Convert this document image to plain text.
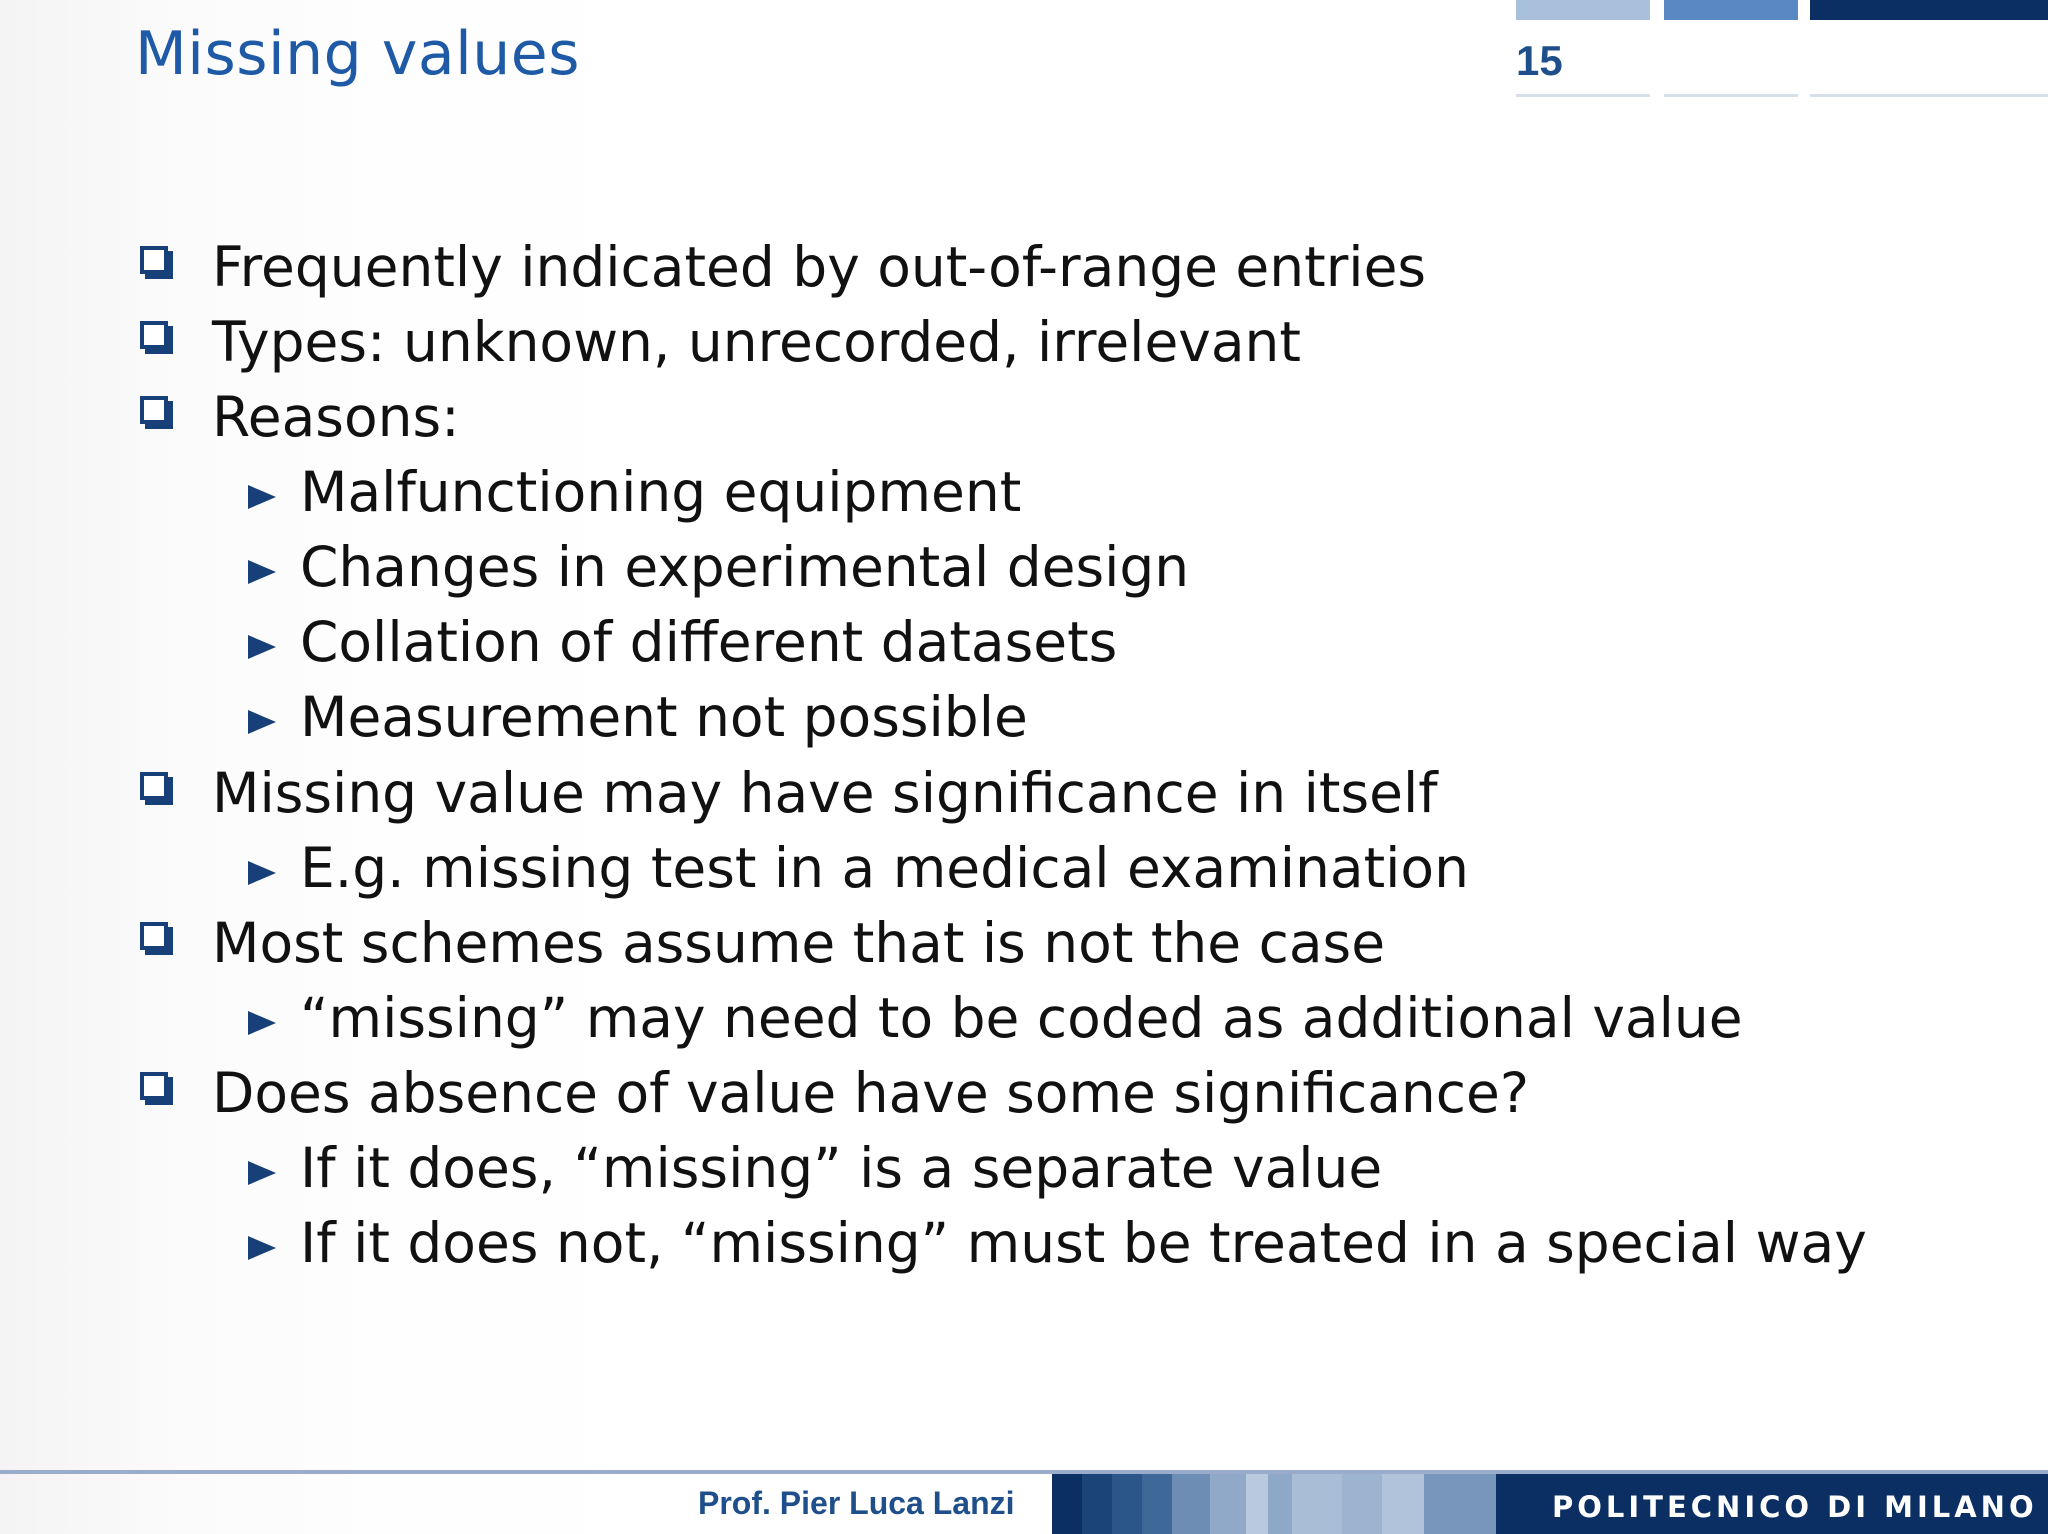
Missing values	15
Frequently indicated by out-of-range entries
Types: unknown, unrecorded, irrelevant
Reasons:
Malfunctioning equipment
Changes in experimental design
Collation of different datasets
Measurement not possible
Missing value may have significance in itself
E.g. missing test in a medical examination
Most schemes assume that is not the case
“missing” may need to be coded as additional value
Does absence of value have some significance?
If it does, “missing” is a separate value
If it does not, “missing” must be treated in a special way
Prof. Pier Luca Lanzi	POLITECNICO DI MILANO
